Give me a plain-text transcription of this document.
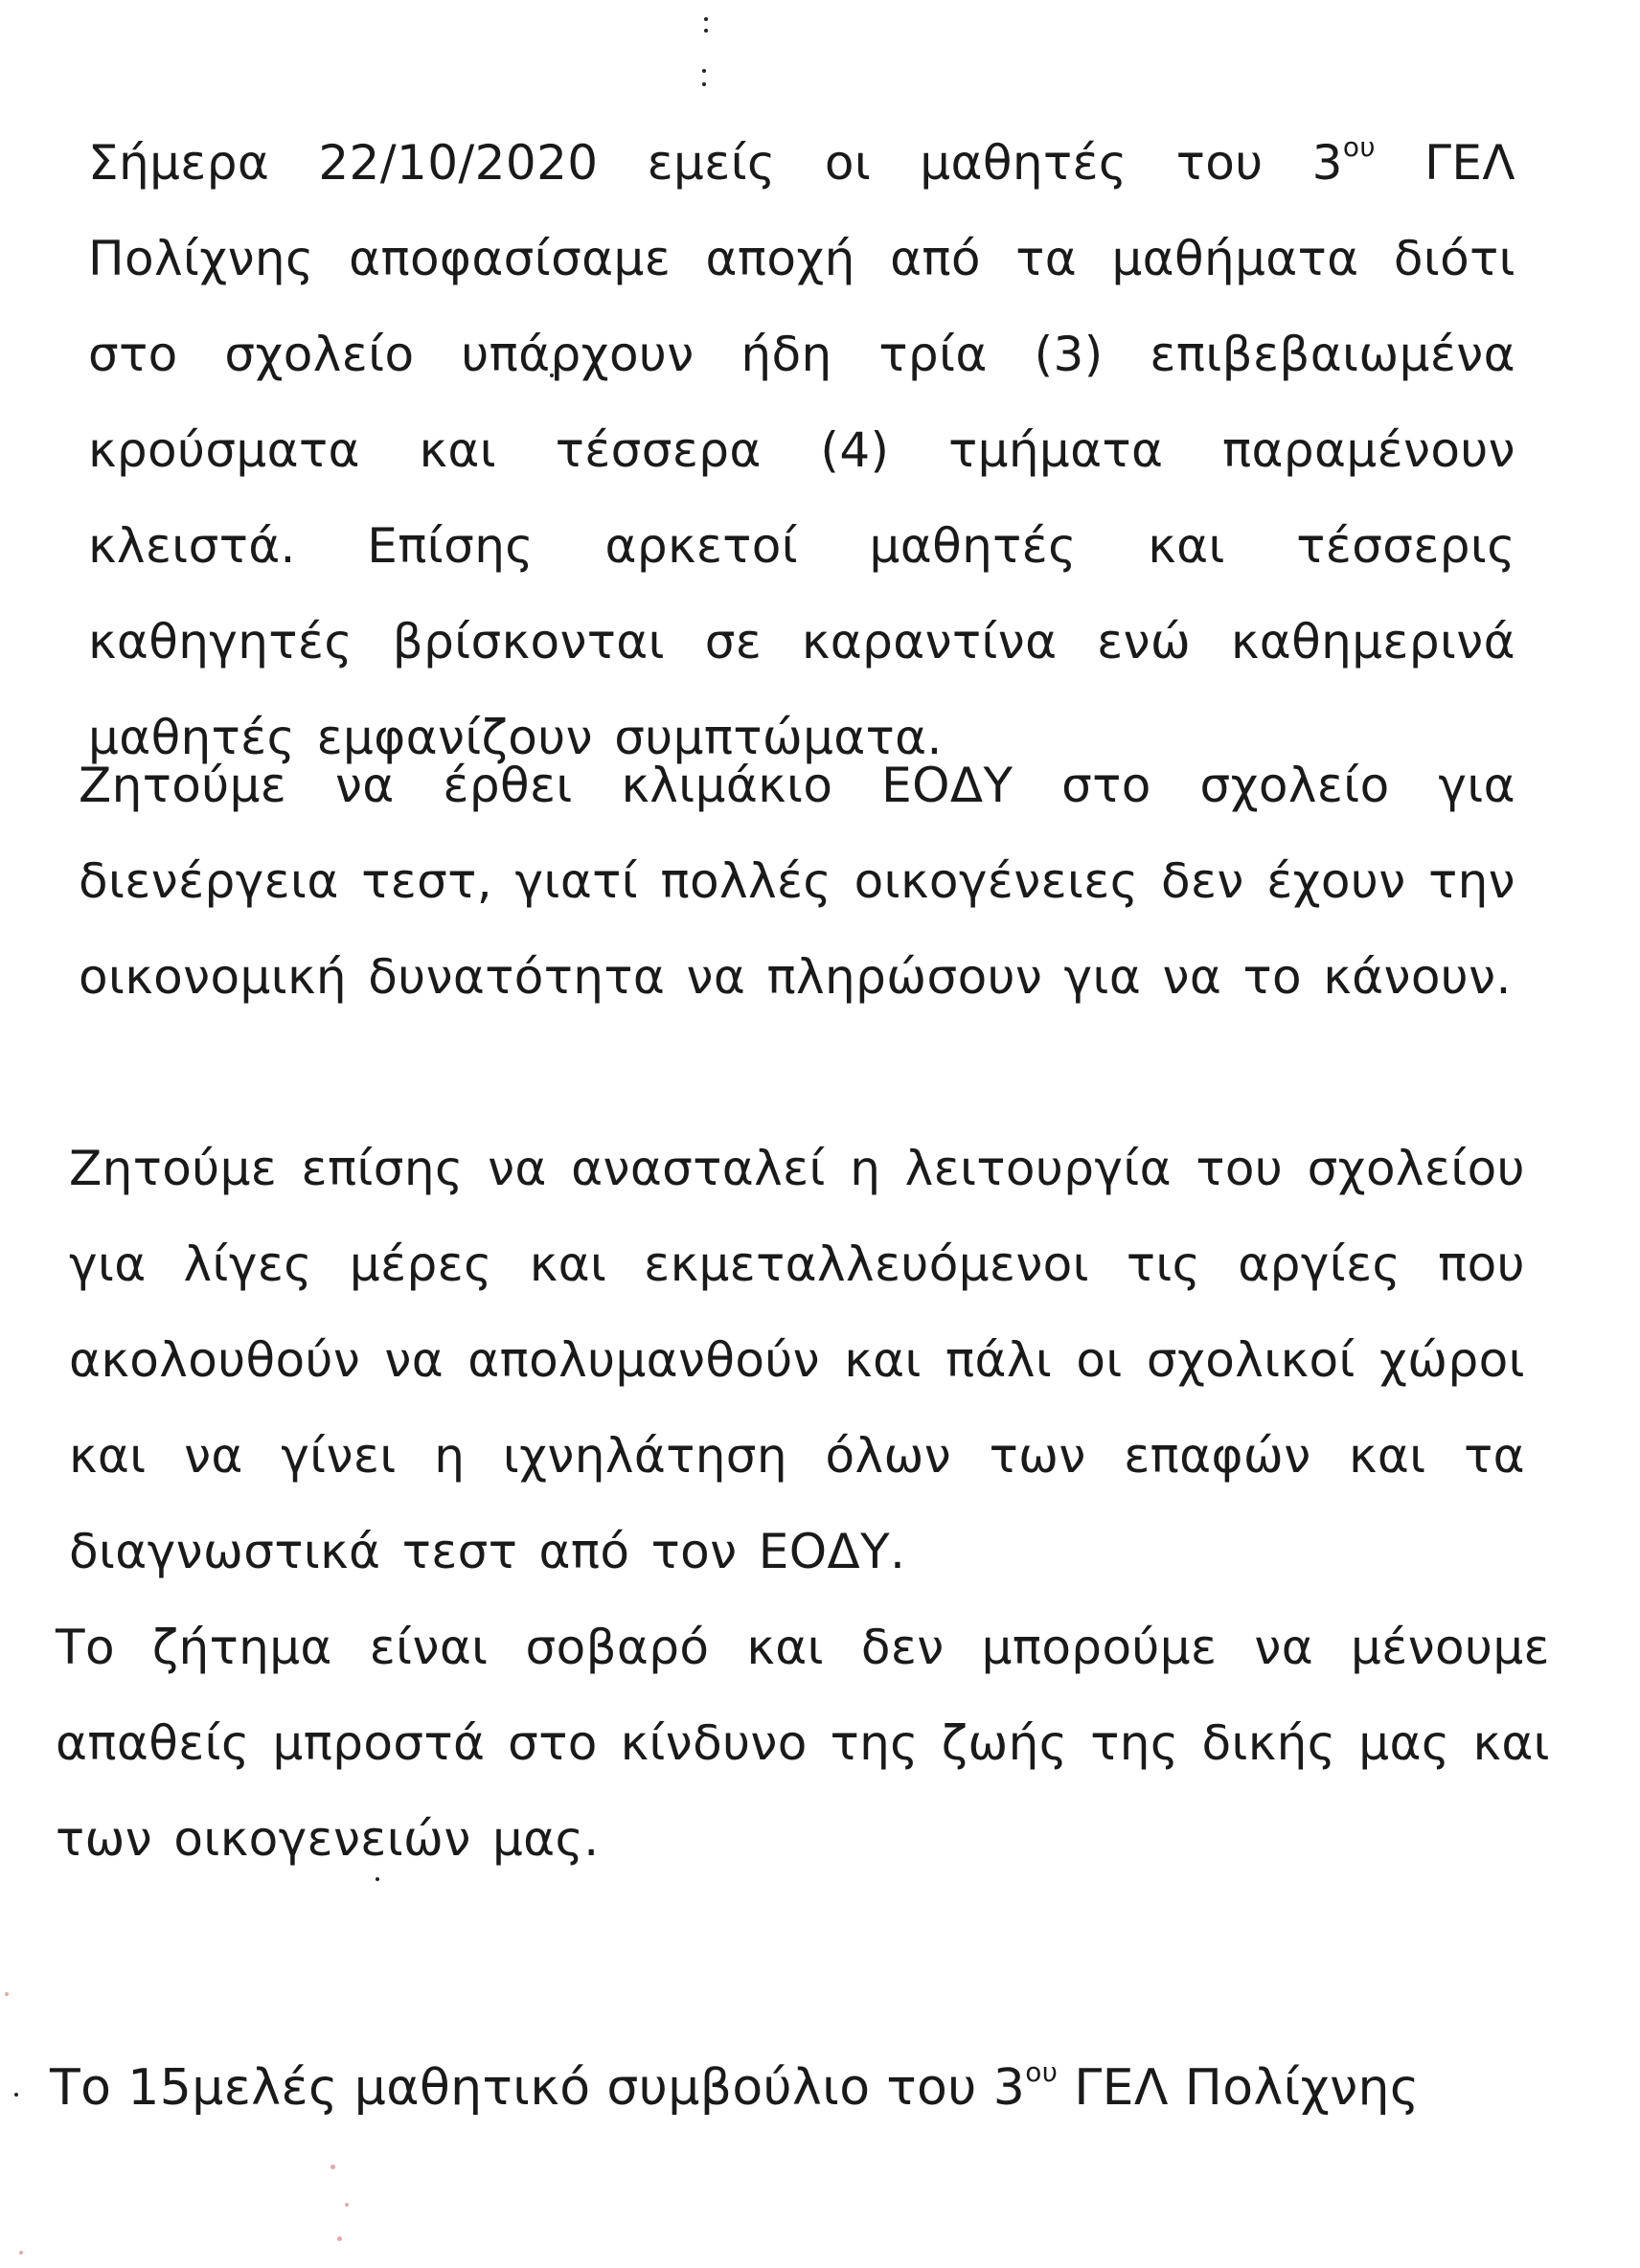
Σήμερα 22/10/2020 εμείς οι μαθητές του $3^{o\upsilon}$ ΓΕΛ Πολίχνης αποφασίσαμε αποχή από τα μαθήματα διότι στο σχολείο υπάρχουν ήδη τρία (3) επιβεβαιωμένα κρούσματα και τέσσερα (4) τμήματα παραμένουν κλειστά. Επίσης αρκετοί μαθητές και τέσσερις καθηγητές βρίσκονται σε καραντίνα ενώ καθημερινά μαθητές εμφανίζουν συμπτώματα.

Ζητούμε να έρθει κλιμάκιο ΕΟΔΥ στο σχολείο για διενέργεια τεστ, γιατί πολλές οικογένειες δεν έχουν την οικονομική δυνατότητα να πληρώσουν για να το κάνουν.

Ζητούμε επίσης να ανασταλεί η λειτουργία του σχολείου για λίγες μέρες και εκμεταλλευόμενοι τις αργίες που ακολουθούν να απολυμανθούν και πάλι οι σχολικοί χώροι και να γίνει η ιχνηλάτηση όλων των επαφών και τα διαγνωστικά τεστ από τον ΕΟΔΥ.

Το ζήτημα είναι σοβαρό και δεν μπορούμε να μένουμε απαθείς μπροστά στο κίνδυνο της ζωής της δικής μας και των οικογενειών μας.

Το 15μελές μαθητικό συμβούλιο του $3^{o\upsilon}$ ΓΕΛ Πολίχνης
